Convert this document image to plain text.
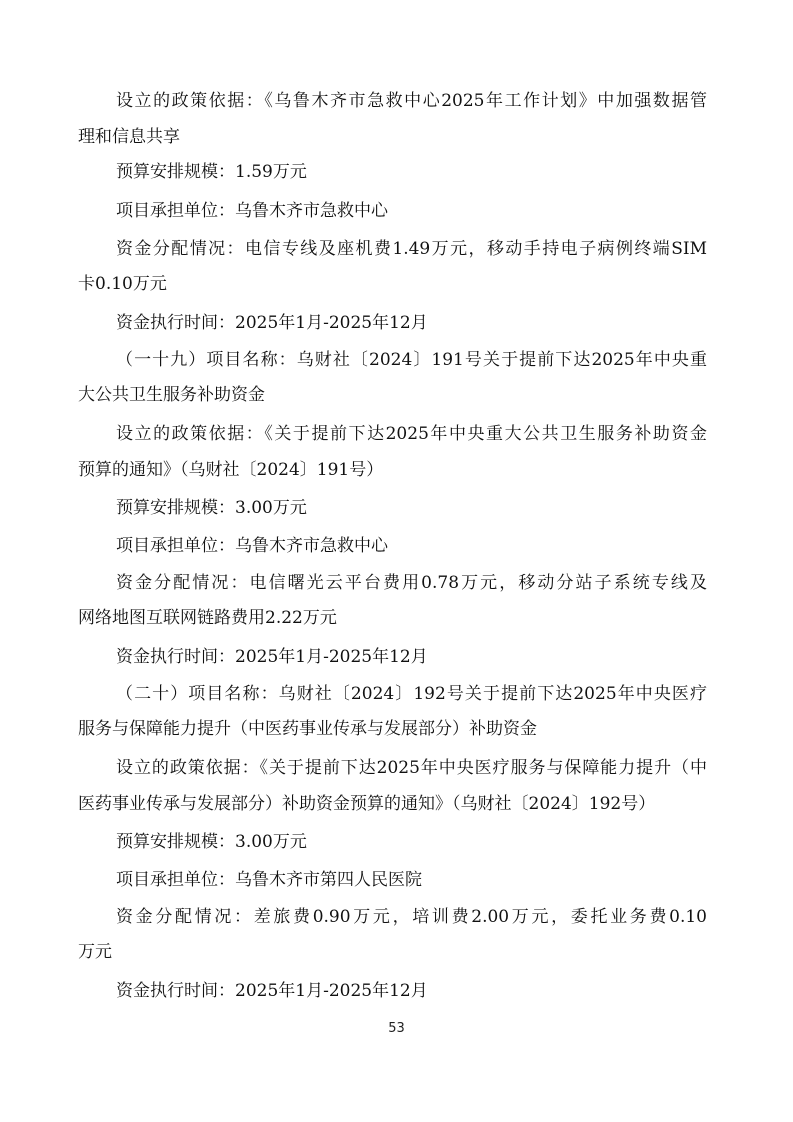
设立的政策依据：《乌鲁木齐市急救中心2025年工作计划》中加强数据管
理和信息共享
预算安排规模：1.59万元
项目承担单位：乌鲁木齐市急救中心
资金分配情况：电信专线及座机费1.49万元，移动手持电子病例终端SIM
卡0.10万元
资金执行时间：2025年1月-2025年12月
（一十九）项目名称：乌财社〔2024〕191号关于提前下达2025年中央重
大公共卫生服务补助资金
设立的政策依据：《关于提前下达2025年中央重大公共卫生服务补助资金
预算的通知》（乌财社〔2024〕191号）
预算安排规模：3.00万元
项目承担单位：乌鲁木齐市急救中心
资金分配情况：电信曙光云平台费用0.78万元，移动分站子系统专线及
网络地图互联网链路费用2.22万元
资金执行时间：2025年1月-2025年12月
（二十）项目名称：乌财社〔2024〕192号关于提前下达2025年中央医疗
服务与保障能力提升（中医药事业传承与发展部分）补助资金
设立的政策依据：《关于提前下达2025年中央医疗服务与保障能力提升（中
医药事业传承与发展部分）补助资金预算的通知》（乌财社〔2024〕192号）
预算安排规模：3.00万元
项目承担单位：乌鲁木齐市第四人民医院
资金分配情况：差旅费0.90万元，培训费2.00万元，委托业务费0.10
万元
资金执行时间：2025年1月-2025年12月
53
